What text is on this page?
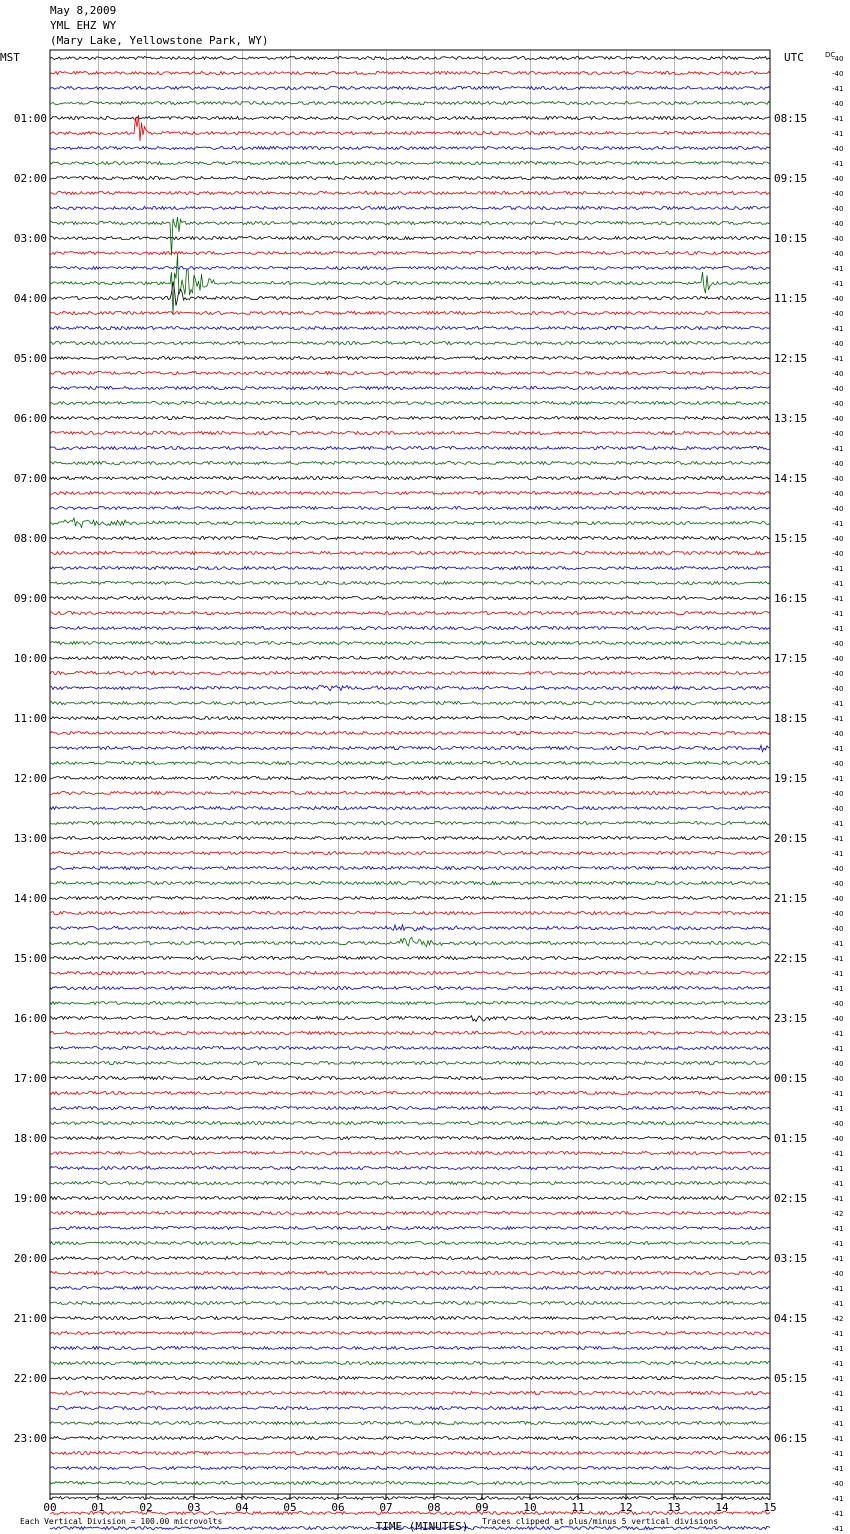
May 8,2009
YML EHZ WY
(Mary Lake, Yellowstone Park, WY)
01:00
02:00
03:00
04:00
05:00
06:00
07:00
08:00
09:00
10:00
11:00
12:00
13:00
14:00
15:00
16:00
17:00
18:00
19:00
20:00
21:00
22:00
23:00
08:15
09:15
10:15
11:15
12:15
13:15
14:15
15:15
16:15
17:15
18:15
19:15
20:15
21:15
22:15
23:15
00:15
01:15
02:15
03:15
04:15
05:15
06:15
MST	UTC	DC
-40
-40
-41
-40
-41
-41
-40
-41
-40
-40
-40
-40
-40
-40
-41
-41
-40
-40
-41
-40
-41
-40
-40
-40
-40
-40
-41
-40
-40
-40
-40
-41
-40
-40
-41
-41
-41
-41
-41
-40
-40
-40
-40
-41
-41
-40
-41
-40
-41
-40
-40
-41
-41
-41
-40
-40
-40
-40
-40
-41
-41
-41
-41
-40
-40
-41
-41
-40
-40
-41
-41
-40
-40
-41
-41
-41
-41
-42
-41
-41
-41
-40
-41
-41
-42
-41
-41
-41
-41
-41
-41
-41
-41
-41
-41
-40
-41
-41
-41
00	01	02	03	04	05	06	07	08	09	10	11	12	13	14	15
TIME (MINUTES)
Each Vertical Division = 100.00 microvolts	Traces clipped at plus/minus 5 vertical divisions
